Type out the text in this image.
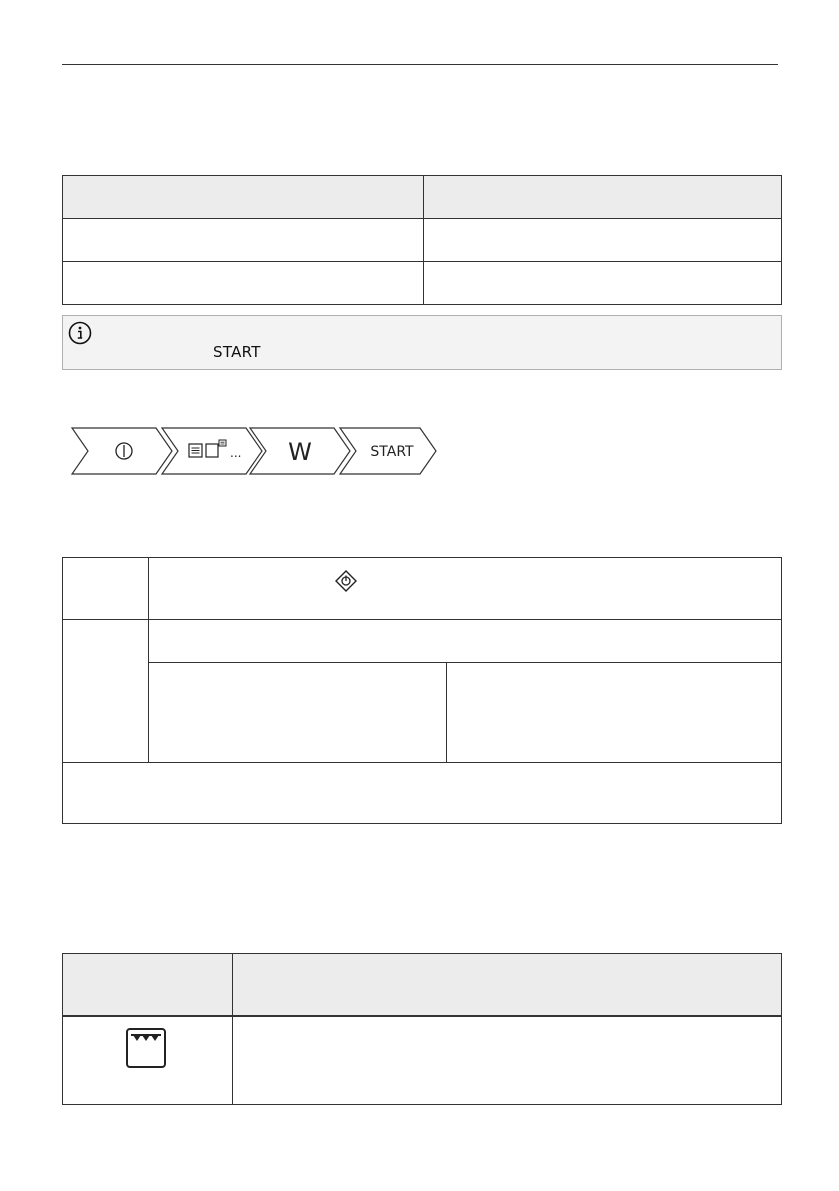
START
... W	START
